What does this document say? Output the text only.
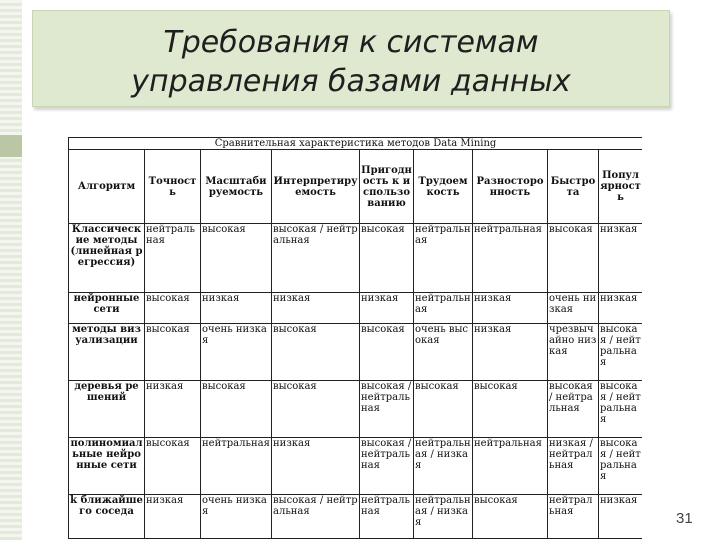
Требования к системам
управления базами данных
Сравнительная характеристика методов Data Mining								
Алгоритм	Точность	Масштабируемость	Интерпретируемость	Пригодность к использованию	Трудоемкость	Разносторонность	Быстрота	Популярность
Классические методы (линейная регрессия)	нейтральная	высокая	высокая / нейтральная	высокая	нейтральная	нейтральная	высокая	низкая
нейронные сети	высокая	низкая	низкая	низкая	нейтральная	низкая	очень низкая	низкая
методы визуализации	высокая	очень низкая	высокая	высокая	очень высокая	низкая	чрезвычайно низкая	высокая / нейтральная
деревья решений	низкая	высокая	высокая	высокая / нейтральная	высокая	высокая	высокая / нейтральная	высокая / нейтральная
полиномиальные нейронные сети	высокая	нейтральная	низкая	высокая / нейтральная	нейтральная / низкая	нейтральная	низкая / нейтральная	высокая / нейтральная
k ближайшего соседа	низкая	очень низкая	высокая / нейтральная	нейтральная	нейтральная / низкая	высокая	нейтральная	низкая
31
